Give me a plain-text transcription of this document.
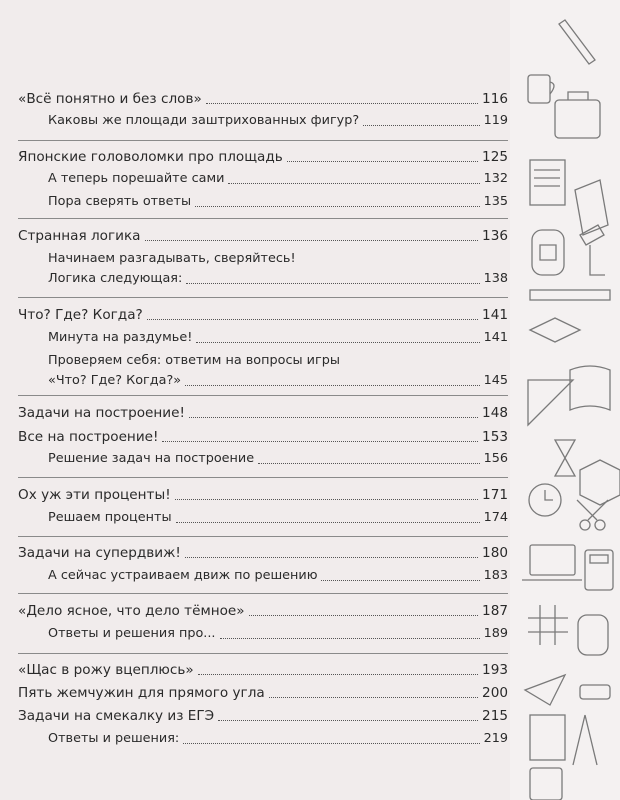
«Всё понятно и без слов»	116
Каковы же площади заштрихованных фигур?	119
Японские головоломки про площадь	125
А теперь порешайте сами	132
Пора сверять ответы	135
Странная логика	136
Начинаем разгадывать, сверяйтесь!
Логика следующая:	138
Что? Где? Когда?	141
Минута на раздумье!	141
Проверяем себя: ответим на вопросы игры
«Что? Где? Когда?»	145
Задачи на построение!	148
Все на построение!	153
Решение задач на построение	156
Ох уж эти проценты!	171
Решаем проценты	174
Задачи на супердвиж!	180
А сейчас устраиваем движ по решению	183
«Дело ясное, что дело тёмное»	187
Ответы и решения про...	189
«Щас в рожу вцеплюсь»	193
Пять жемчужин для прямого угла	200
Задачи на смекалку из ЕГЭ	215
Ответы и решения:	219
